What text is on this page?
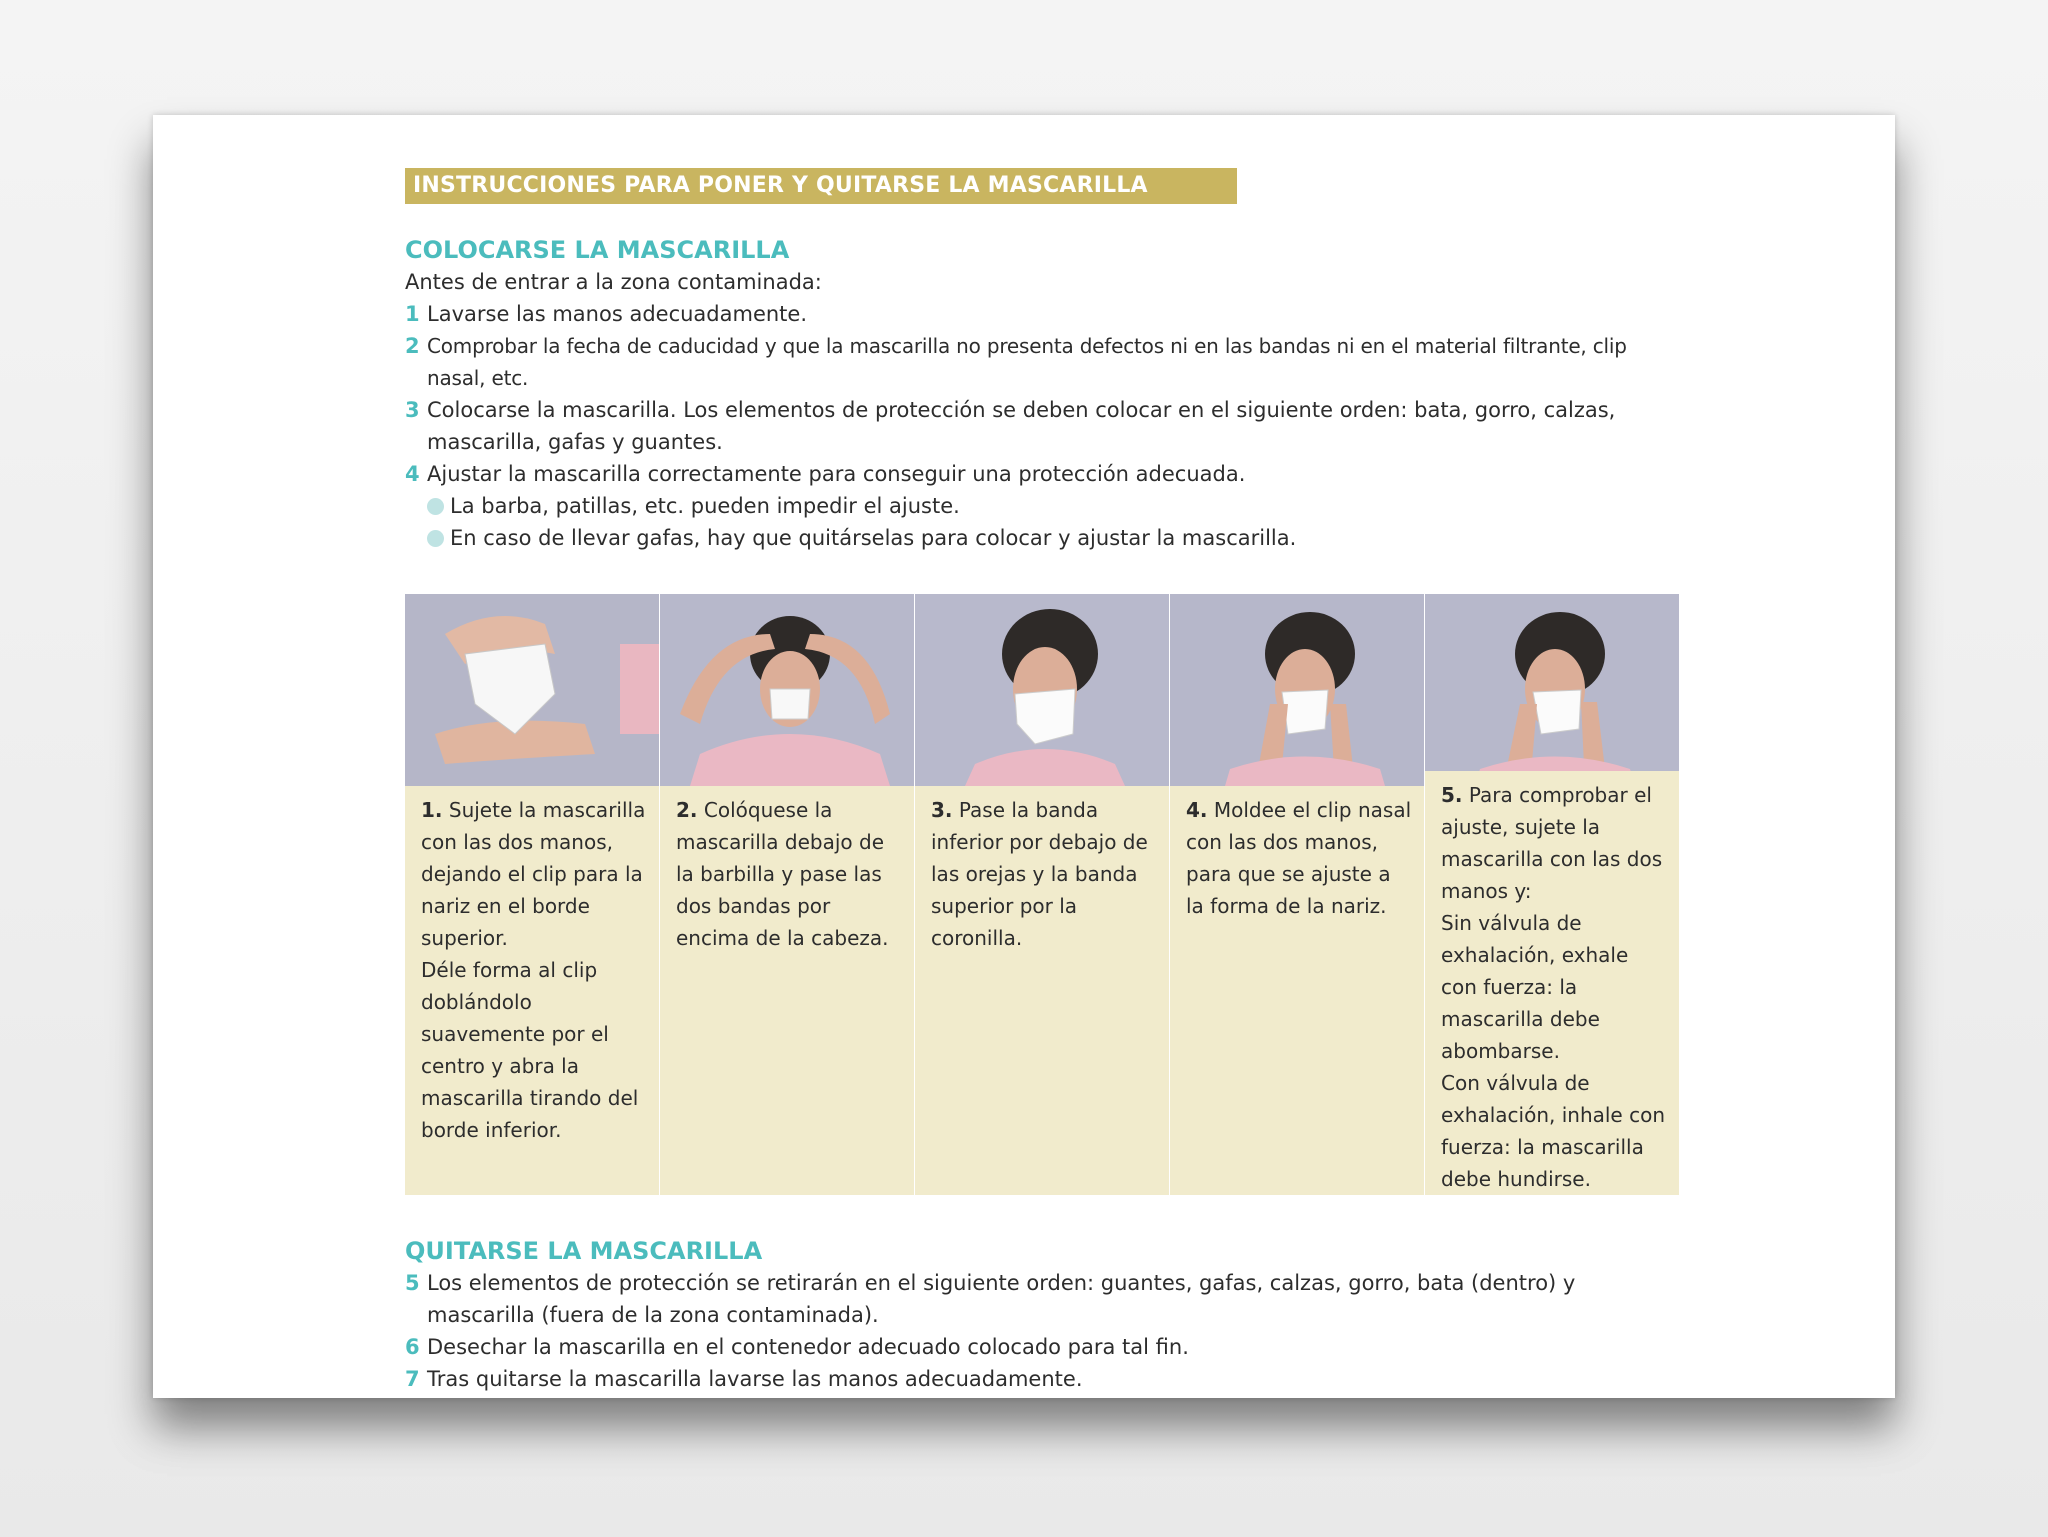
INSTRUCCIONES PARA PONER Y QUITARSE LA MASCARILLA
COLOCARSE LA MASCARILLA
Antes de entrar a la zona contaminada:
1 Lavarse las manos adecuadamente.
2 Comprobar la fecha de caducidad y que la mascarilla no presenta defectos ni en las bandas ni en el material filtrante, clip nasal, etc.
3 Colocarse la mascarilla. Los elementos de protección se deben colocar en el siguiente orden: bata, gorro, calzas, mascarilla, gafas y guantes.
4 Ajustar la mascarilla correctamente para conseguir una protección adecuada.
La barba, patillas, etc. pueden impedir el ajuste.
En caso de llevar gafas, hay que quitárselas para colocar y ajustar la mascarilla.
1. Sujete la mascarilla con las dos manos, dejando el clip para la nariz en el borde superior.
Déle forma al clip doblándolo suavemente por el centro y abra la mascarilla tirando del borde inferior.
2. Colóquese la mascarilla debajo de la barbilla y pase las dos bandas por encima de la cabeza.
3. Pase la banda inferior por debajo de las orejas y la banda superior por la coronilla.
4. Moldee el clip nasal con las dos manos, para que se ajuste a la forma de la nariz.
5. Para comprobar el ajuste, sujete la mascarilla con las dos manos y:
Sin válvula de exhalación, exhale con fuerza: la mascarilla debe abombarse.
Con válvula de exhalación, inhale con fuerza: la mascarilla debe hundirse.
QUITARSE LA MASCARILLA
5 Los elementos de protección se retirarán en el siguiente orden: guantes, gafas, calzas, gorro, bata (dentro) y mascarilla (fuera de la zona contaminada).
6 Desechar la mascarilla en el contenedor adecuado colocado para tal fin.
7 Tras quitarse la mascarilla lavarse las manos adecuadamente.
